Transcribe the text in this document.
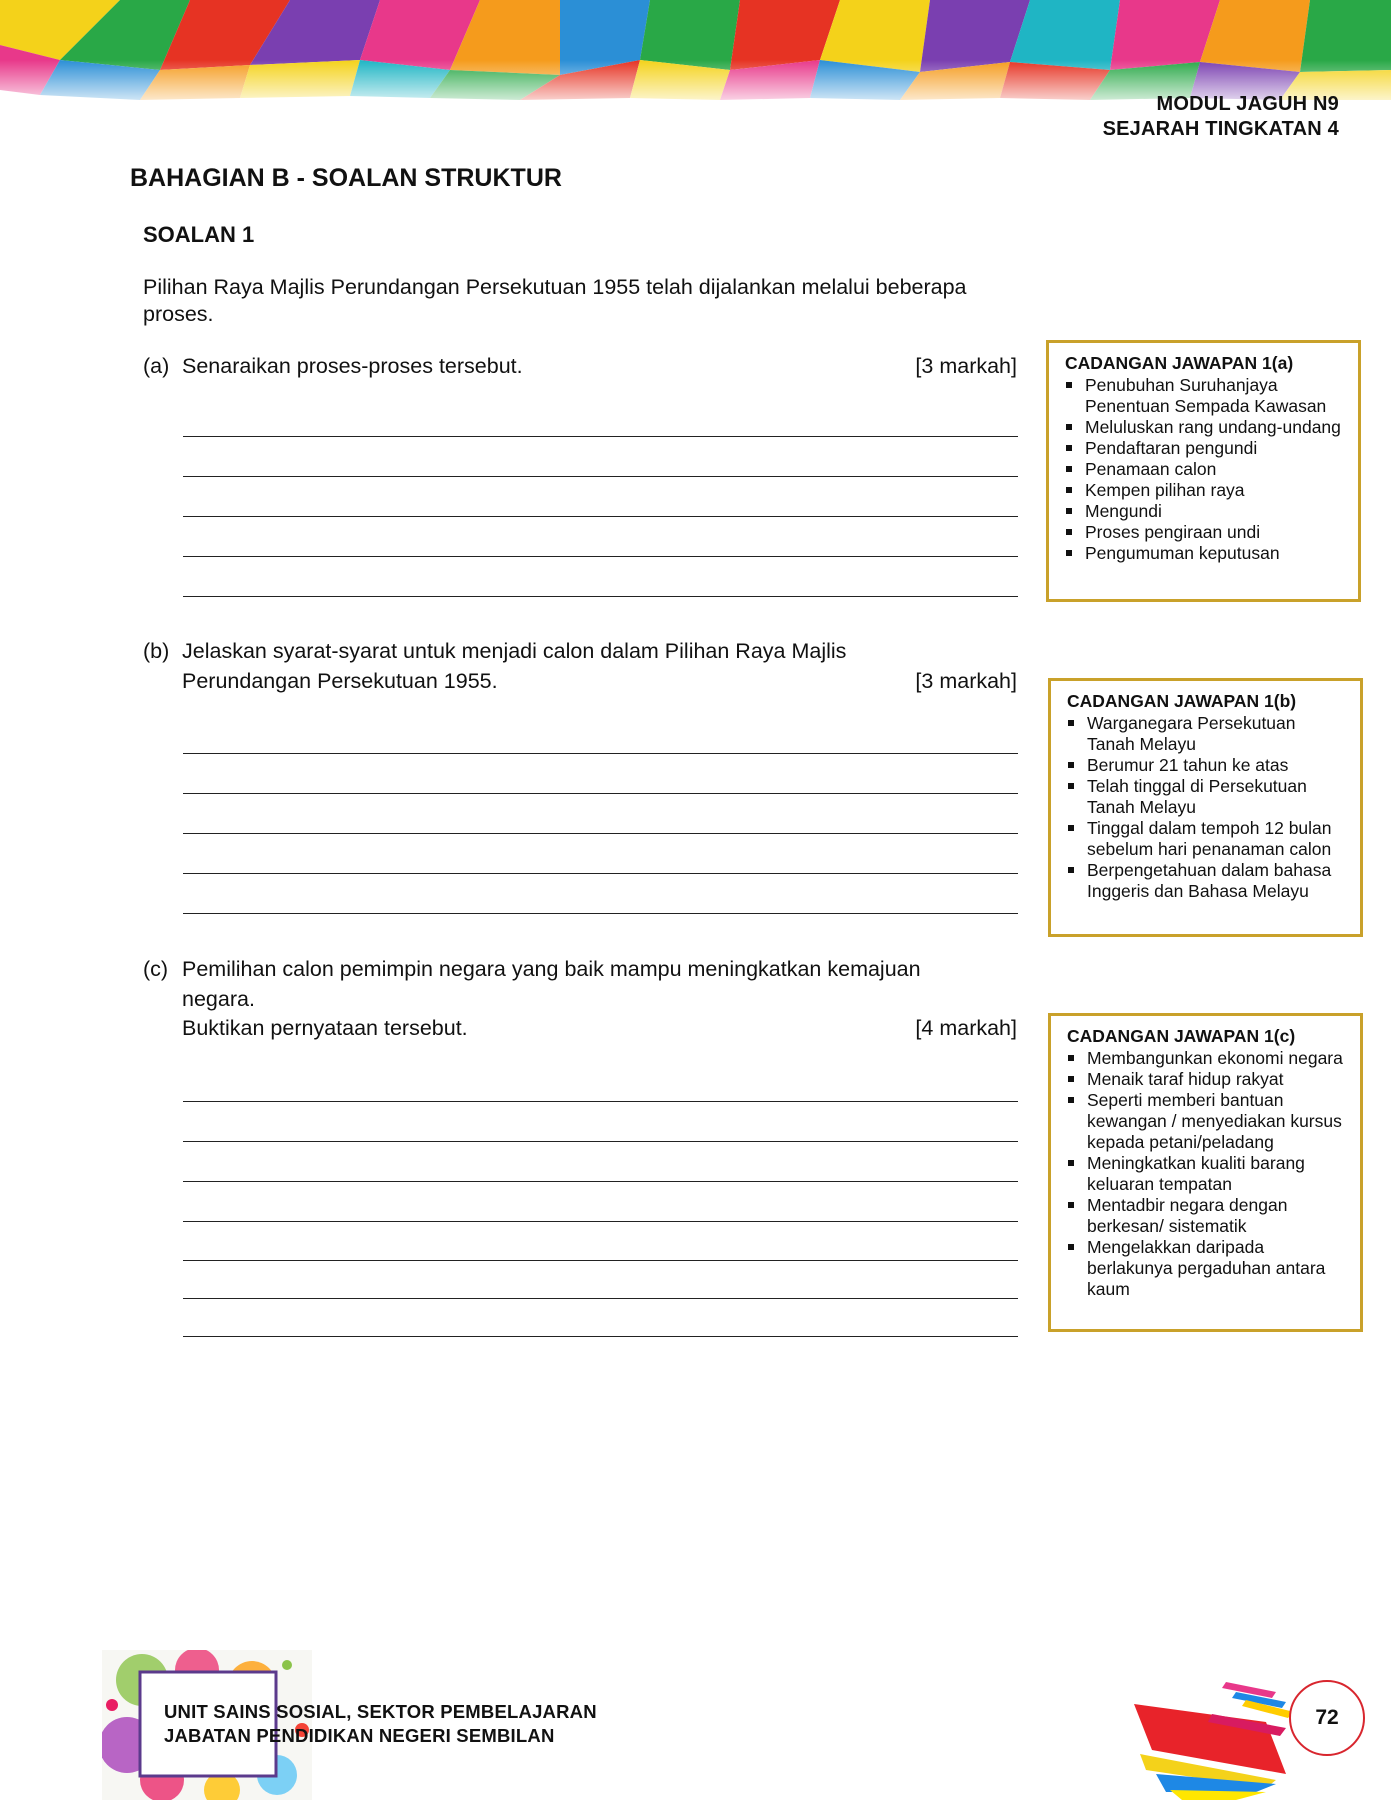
MODUL JAGUH N9
SEJARAH TINGKATAN 4
BAHAGIAN B - SOALAN STRUKTUR
SOALAN 1
Pilihan Raya Majlis Perundangan Persekutuan 1955 telah dijalankan melalui beberapa proses.
(a) Senaraikan proses-proses tersebut.	[3 markah]
(b) Jelaskan syarat-syarat untuk menjadi calon dalam Pilihan Raya Majlis
Perundangan Persekutuan 1955.	[3 markah]
(c) Pemilihan calon pemimpin negara yang baik mampu meningkatkan kemajuan
negara.
Buktikan pernyataan tersebut.	[4 markah]
CADANGAN JAWAPAN 1(a)
Penubuhan Suruhanjaya Penentuan Sempada Kawasan
Meluluskan rang undang-undang
Pendaftaran pengundi
Penamaan calon
Kempen pilihan raya
Mengundi
Proses pengiraan undi
Pengumuman keputusan
CADANGAN JAWAPAN 1(b)
Warganegara Persekutuan Tanah Melayu
Berumur 21 tahun ke atas
Telah tinggal di Persekutuan Tanah Melayu
Tinggal dalam tempoh 12 bulan sebelum hari penanaman calon
Berpengetahuan dalam bahasa Inggeris dan Bahasa Melayu
CADANGAN JAWAPAN 1(c)
Membangunkan ekonomi negara
Menaik taraf hidup rakyat
Seperti memberi bantuan kewangan / menyediakan kursus kepada petani/peladang
Meningkatkan kualiti barang keluaran tempatan
Mentadbir negara dengan berkesan/ sistematik
Mengelakkan daripada berlakunya pergaduhan antara kaum
UNIT SAINS SOSIAL, SEKTOR PEMBELAJARAN
JABATAN PENDIDIKAN NEGERI SEMBILAN
72
